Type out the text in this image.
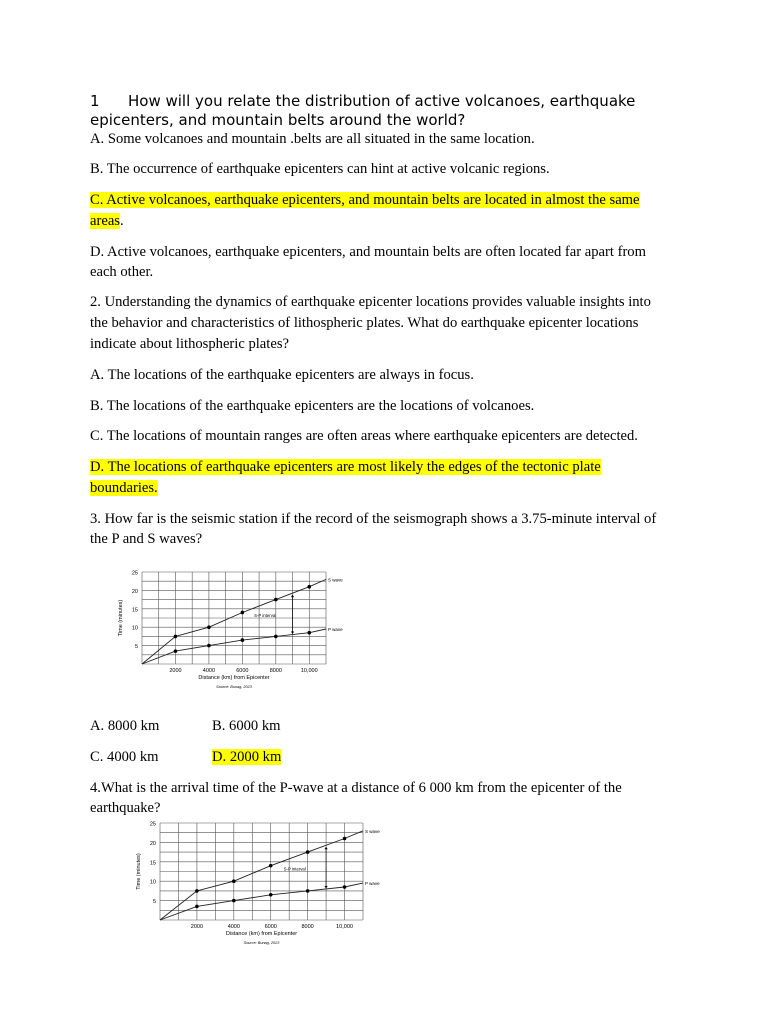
1 How will you relate the distribution of active volcanoes, earthquake
epicenters, and mountain belts around the world?
A. Some volcanoes and mountain .belts are all situated in the same location.
B. The occurrence of earthquake epicenters can hint at active volcanic regions.
C. Active volcanoes, earthquake epicenters, and mountain belts are located in almost the same
areas.
D. Active volcanoes, earthquake epicenters, and mountain belts are often located far apart from
each other.
2. Understanding the dynamics of earthquake epicenter locations provides valuable insights into
the behavior and characteristics of lithospheric plates. What do earthquake epicenter locations
indicate about lithospheric plates?
A. The locations of the earthquake epicenters are always in focus.
B. The locations of the earthquake epicenters are the locations of volcanoes.
C. The locations of mountain ranges are often areas where earthquake epicenters are detected.
D. The locations of earthquake epicenters are most likely the edges of the tectonic plate
boundaries.
3. How far is the seismic station if the record of the seismograph shows a 3.75-minute interval of
the P and S waves?
5
10
15
20
25
2000	4000	6000	8000	10,000
Distance (km) from Epicenter
Time (minutes)
S wave
P wave
S-P interval
Source: Bunag, 2023
A. 8000 km	B. 6000 km
C. 4000 km	D. 2000 km
4.What is the arrival time of the P-wave at a distance of 6 000 km from the epicenter of the
earthquake?
5
10
15
20
25
2000	4000	6000	8000	10,000
Distance (km) from Epicenter
Time (minutes)
S wave
P wave
S-P interval
Source: Bunag, 2023
